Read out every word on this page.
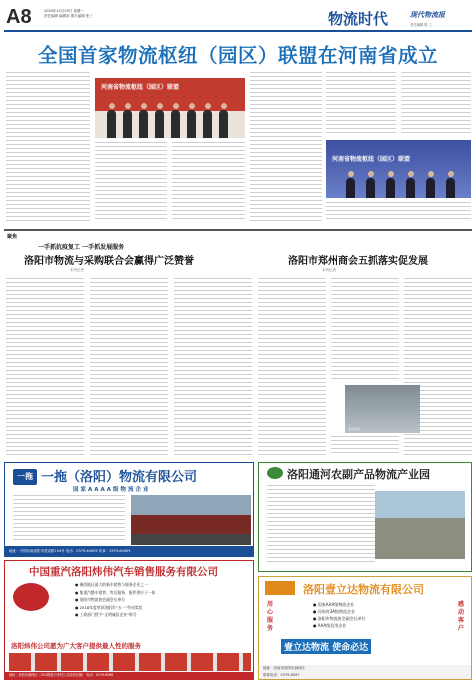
A8	2020年12月29日 星期一
责任编辑 编辑部 图片编辑 张三	物流时代	现代物流报
责任编辑 陈 工
全国首家物流枢纽（园区）联盟在河南省成立
河南省物流枢纽（园区）联盟
河南省物流枢纽（园区）联盟
聚焦
一手抓抗疫复工 一手抓发展服务
洛阳市物流与采购联合会赢得广泛赞誉
本刊记者
洛阳市郑州商会五抓落实促发展
本刊记者
本刊记者
一拖 一拖（洛阳）物流有限公司
国家AAAA级物流企业
地址：中国河南洛阳市建设路154号 电话：0379-64909 传真：0379-64909
洛阳通河农副产品物流产业园
中国重汽洛阳炜伟汽车销售服务有限公司
● 豫西地区最大的新车销售与服务企业之一
● 集重汽整车销售、售后服务、配件供应于一体
● 洛阳市物流协会副会长单位
● 2018年度荣获洛阳市“五一”劳动奖状
● 工商部门授予“文明诚信企业”称号
洛阳炜伟公司愿为广大客户提供最人性的服务
地址：洛阳市涧西区（310国道小李村公交站西北侧） 电话：0379-6566
洛阳壹立达物流有限公司
用心服务
● 国家AAA级物流企业
● 河南省3A级物流企业
● 洛阳市物流协会副会长单位
● AAA级信用企业
感动客户
壹立达物流 使命必达
地址：河南省洛阳市涧西区
联系电话：0379-6597
